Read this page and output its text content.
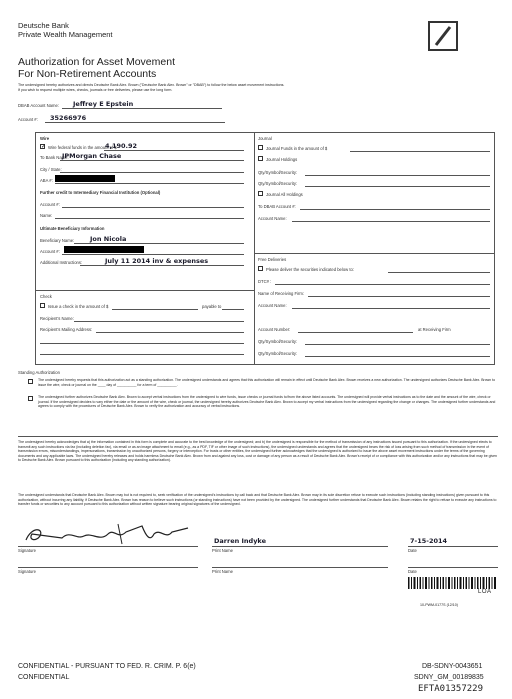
Deutsche Bank
Private Wealth Management
Authorization for Asset Movement
For Non-Retirement Accounts
The undersigned hereby authorizes and directs Deutsche Bank Alex. Brown ("Deutsche Bank Alex. Brown" or "DBAB") to follow the below asset movement instructions.
If you wish to request multiple wires, checks, journals or free deliveries, please use the long form.
DBAB Account Name: Jeffrey E Epstein
Account #: 35266976
Wire
✓
Wire federal funds in the amount of $
4,190.92
To Bank Name:
JPMorgan Chase
City / State:
ABA #:
Further credit to Intermediary Financial Institution (Optional)
Account #:
Name:
Ultimate Beneficiary Information
Beneficiary Name: Jon Nicola
Account #:
Additional Instructions:	July 11 2014 inv & expenses
Journal
Journal Funds in the amount of $
Journal Holdings
Qty/Symbol/Security:
Qty/Symbol/Security:
Journal All Holdings
To DBAB Account #:
Account Name:
Free Deliveries
Please deliver the securities indicated below to:
DTC# :
Name of Receiving Firm:
Account Name:
Account Number:	at Receiving Firm
Qty/Symbol/Security:
Qty/Symbol/Security:
Check
Issue a check in the amount of $	payable to
Recipient's Name:
Recipient's Mailing Address:
Standing Authorization
The undersigned hereby requests that this authorization act as a standing authorization. The undersigned understands and agrees that this authorization will remain in effect until Deutsche Bank Alex. Brown receives a new authorization. The undersigned authorizes Deutsche Bank Alex. Brown to issue the wire, check or journal on the ____ day of __________ for a term of __________.
The undersigned further authorizes Deutsche Bank Alex. Brown to accept verbal instructions from the undersigned to wire funds, issue checks or journal funds to/from the above listed accounts. The undersigned will provide verbal instructions as to the date and the amount of the wire, check or journal. If the undersigned decides to vary either the date or the amount of the wire, check or journal, the undersigned hereby authorizes Deutsche Bank Alex. Brown to accept my verbal instructions from the undersigned regarding the change or changes. The undersigned further understands and agrees to comply with the procedures of Deutsche Bank Alex. Brown to verify the authorization and accuracy of verbal instructions.
The undersigned hereby acknowledges that a) the information contained in this form is complete and accurate to the best knowledge of the undersigned; and b) the undersigned is responsible for the method of transmission of any instructions issued pursuant to this authorization. If the undersigned elects to transmit any such instructions via fax (including deletion fax), via email or as an image attachment to email (e.g., as a PDF, TIF or other image of such instructions), the undersigned understands and agrees that the undersigned bears the risk of loss arising from such method of transmission in the event of transmission errors, misunderstandings, impersonations, transmission by unauthorized persons, forgery or interception. For trusts or other entities, the undersigned further acknowledges that the undersigned is authorized to issue the above asset movement instructions under the terms of the governing documents and any applicable laws. The undersigned hereby releases and holds harmless Deutsche Bank Alex. Brown from and against any loss, cost or damage of any person as a result of Deutsche Bank Alex. Brown's receipt of or compliance with this authorization and/or any instructions that may be given to Deutsche Bank Alex. Brown pursuant to this authorization (including any standing authorization).
The undersigned understands that Deutsche Bank Alex. Brown may but is not required to, seek verification of the undersigned's instructions by call back and that Deutsche Bank Alex. Brown may in its sole discretion refuse to execute such instructions (including standing instructions) given pursuant to this authorization, without incurring any liability, if Deutsche Bank Alex. Brown has reason to believe such instructions (or standing instructions) have not been provided by the undersigned. The undersigned further understands that Deutsche Bank Alex. Brown retains the right to refuse to execute any instructions to transfer funds or securities to any account pursuant to this authorization without written signature bearing original signatures of the undersigned.
Signature
Darren Indyke
Print Name
7-15-2014
Date
Signature	Print Name	Date
LOA
10-PWM-0177S (12/10)
CONFIDENTIAL - PURSUANT TO FED. R. CRIM. P. 6(e)
CONFIDENTIAL
DB-SDNY-0043651
SDNY_GM_00189835
EFTA01357229
